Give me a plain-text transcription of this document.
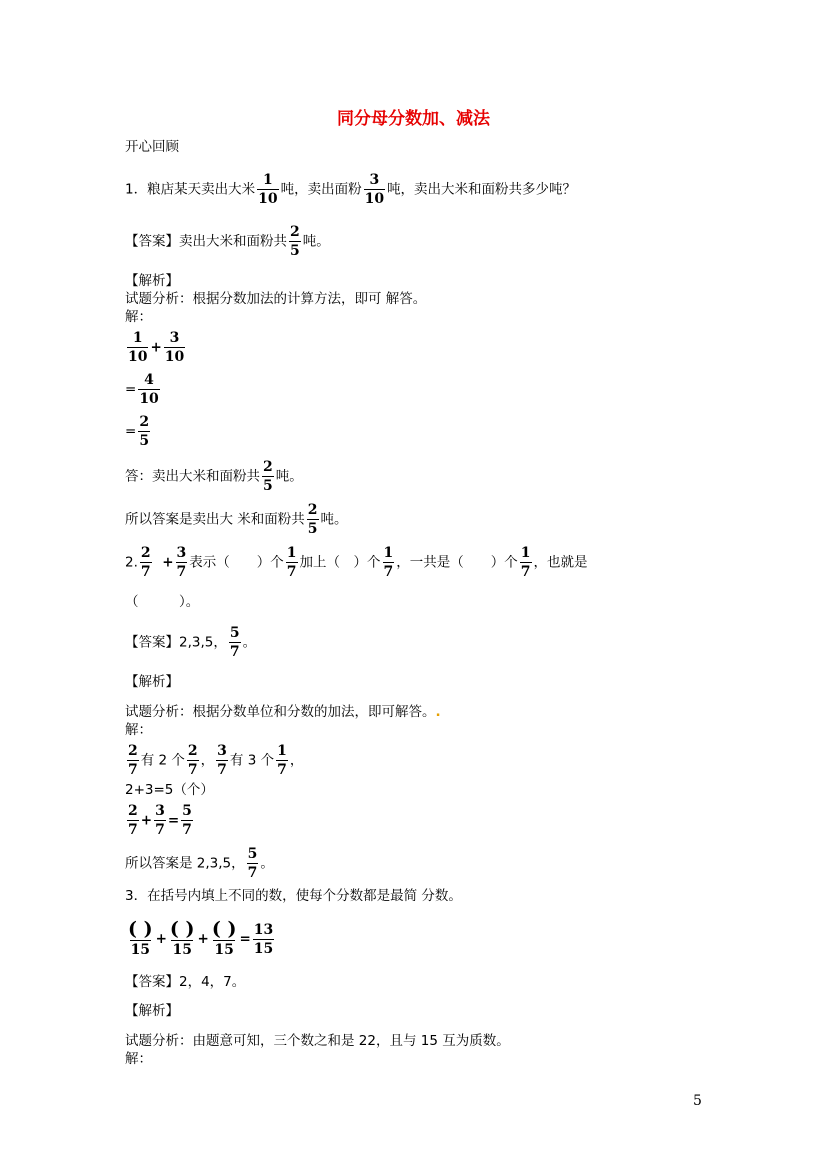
同分母分数加、减法
开心回顾
1．粮店某天卖出大米 $\frac{1}{10}$ 吨，卖出面粉 $\frac{3}{10}$ 吨，卖出大米和面粉共多少吨？
【答案】卖出大米和面粉共 $\frac{2}{5}$ 吨。
【解析】
试题分析：根据分数加法的计算方法，即可 解答。
解：
$\frac{1}{10} + \frac{3}{10}$
= $\frac{4}{10}$
= $\frac{2}{5}$
答：卖出大米和面粉共 $\frac{2}{5}$ 吨。
所以答案是卖出大 米和面粉共 $\frac{2}{5}$ 吨。
2. $\frac{2}{7} + \frac{3}{7}$ 表示（　　）个 $\frac{1}{7}$ 加上（　）个 $\frac{1}{7}$ ，一共是（　　）个 $\frac{1}{7}$ ，也就是
（　　　）。
【答案】2,3,5， $\frac{5}{7}$ 。
【解析】
试题分析：根据分数单位和分数的加法，即可解答。.
解：
$\frac{2}{7}$ 有 2 个 $\frac{2}{7}$ ， $\frac{3}{7}$ 有 3 个 $\frac{1}{7}$ ，
2+3=5（个）
$\frac{2}{7} + \frac{3}{7} = \frac{5}{7}$
所以答案是 2,3,5， $\frac{5}{7}$ 。
3．在括号内填上不同的数，使每个分数都是最简 分数。
$\frac{( )}{15} + \frac{( )}{15} + \frac{( )}{15} = \frac{13}{15}$
【答案】2，4，7。
【解析】
试题分析：由题意可知，三个数之和是 22，且与 15 互为质数。
解：
5
